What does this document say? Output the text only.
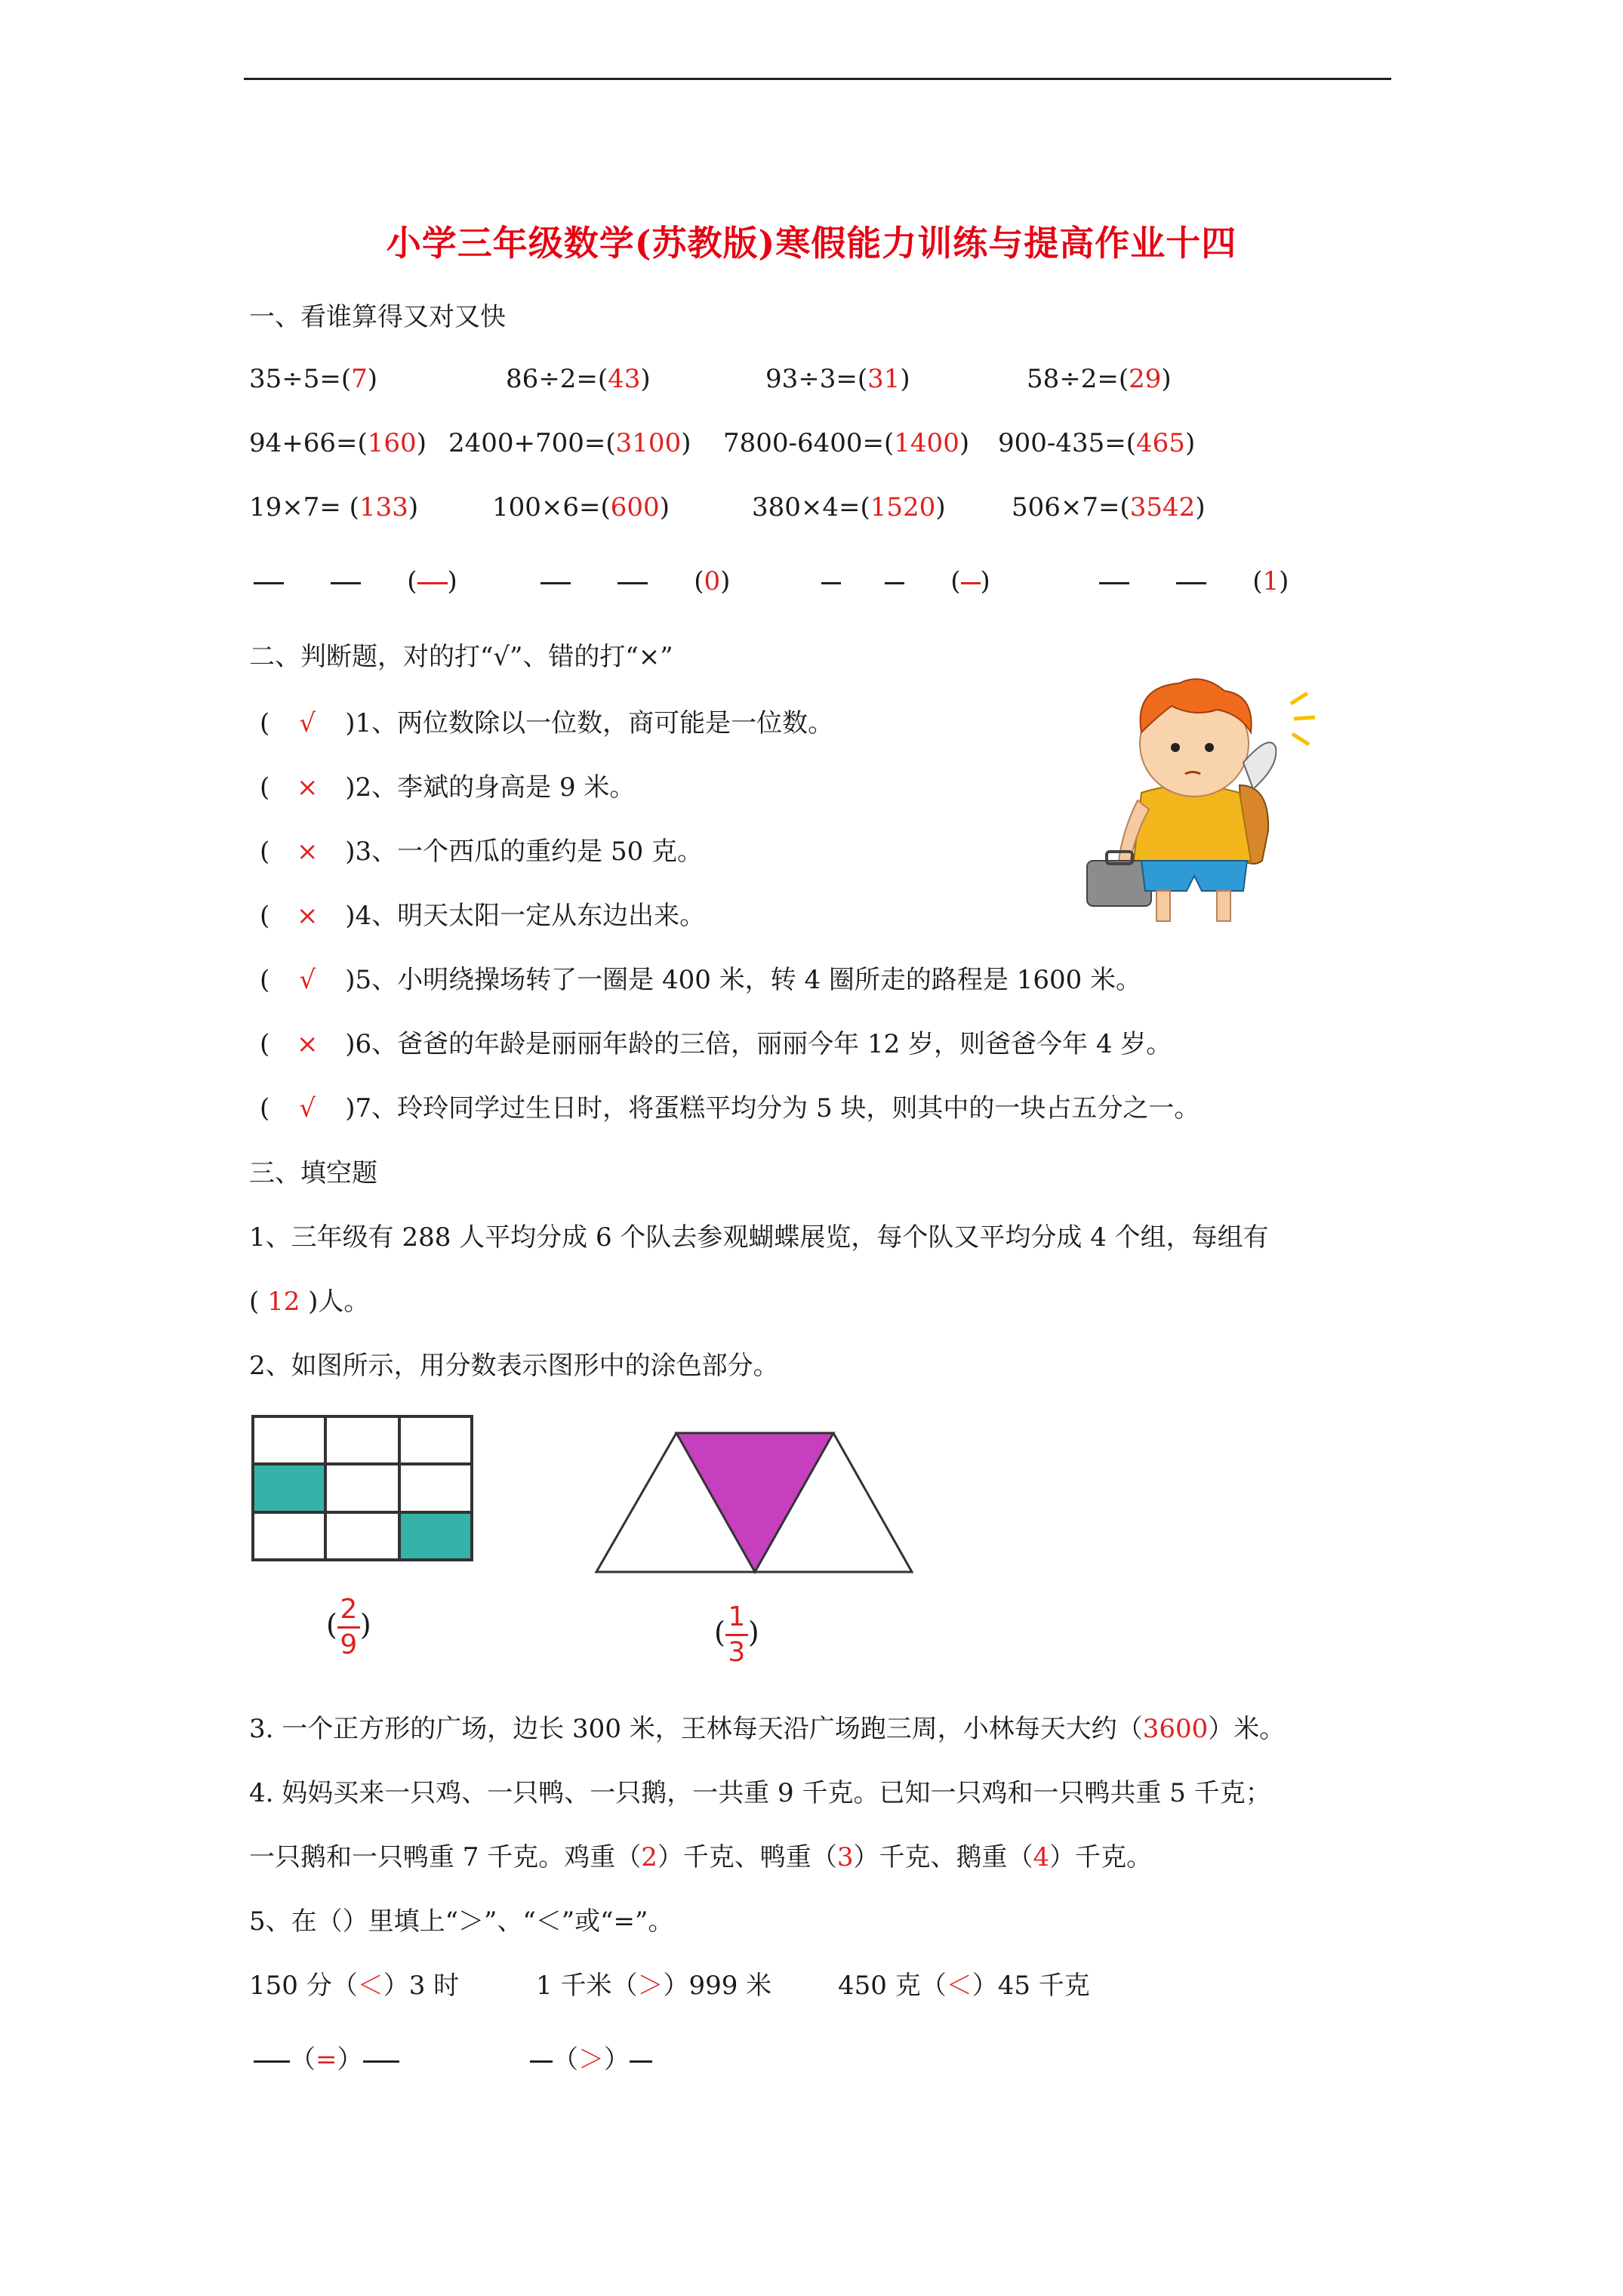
小学三年级数学(苏教版)寒假能力训练与提高作业十四
一、看谁算得又对又快
35÷5=(7)	86÷2=(43)	93÷3=(31)	58÷2=(29)
94+66=(160) 2400+700=(3100) 7800-6400=(1400) 900-435=(465)
19×7= (133)	100×6=(600)	380×4=(1520)	506×7=(3542)
( )	(0)	( )	(1)
二、判断题，对的打“√”、错的打“×”
( √ )1、两位数除以一位数，商可能是一位数。
( × )2、李斌的身高是 9 米。
( × )3、一个西瓜的重约是 50 克。
( × )4、明天太阳一定从东边出来。
( √ )5、小明绕操场转了一圈是 400 米，转 4 圈所走的路程是 1600 米。
( × )6、爸爸的年龄是丽丽年龄的三倍，丽丽今年 12 岁，则爸爸今年 4 岁。
( √ )7、玲玲同学过生日时，将蛋糕平均分为 5 块，则其中的一块占五分之一。
三、填空题
1、三年级有 288 人平均分成 6 个队去参观蝴蝶展览，每个队又平均分成 4 个组，每组有
( 12 )人。
2、如图所示，用分数表示图形中的涂色部分。
( $\frac{2}{9}$ )	( $\frac{1}{3}$ )
3. 一个正方形的广场，边长 300 米，王林每天沿广场跑三周，小林每天大约（3600）米。
4. 妈妈买来一只鸡、一只鸭、一只鹅，一共重 9 千克。已知一只鸡和一只鸭共重 5 千克；
一只鹅和一只鸭重 7 千克。鸡重（2）千克、鸭重（3）千克、鹅重（4）千克。
5、在（）里填上“＞”、“＜”或“=”。
150 分（＜）3 时	1 千米（＞）999 米	450 克（＜）45 千克
（=）	（＞）
